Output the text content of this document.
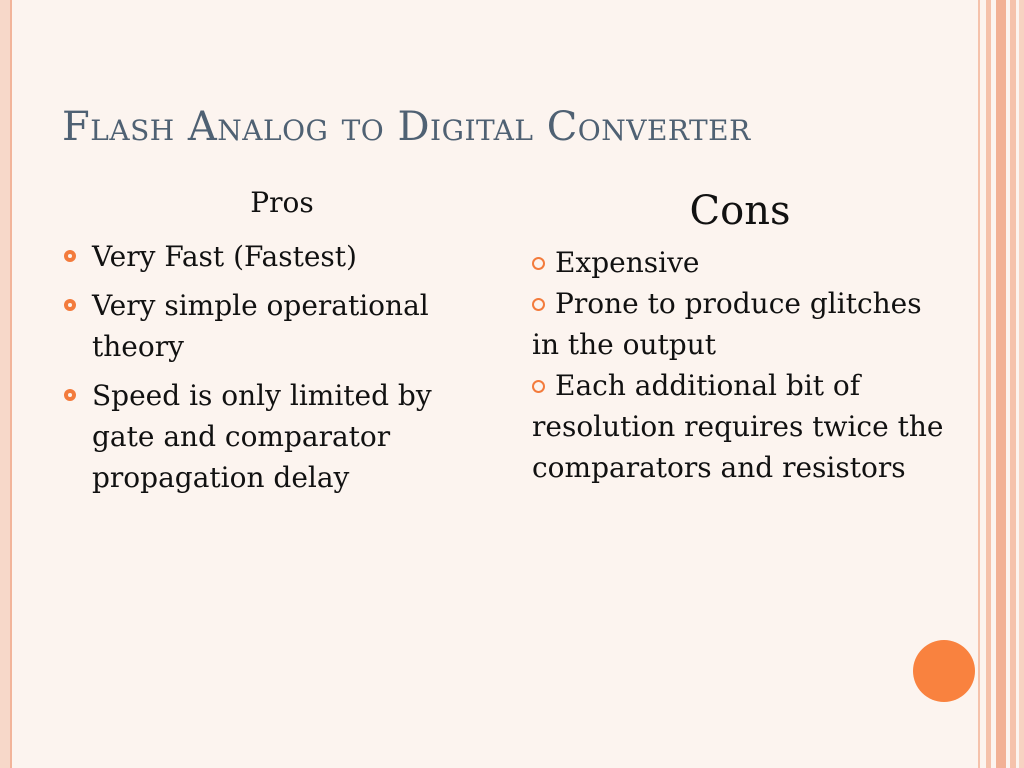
Flash Analog to Digital Converter
Pros	Cons
Very Fast (Fastest)
Very simple operational theory
Speed is only limited by gate and comparator propagation delay
Expensive
Prone to produce glitches in the output
Each additional bit of resolution requires twice the comparators and resistors
